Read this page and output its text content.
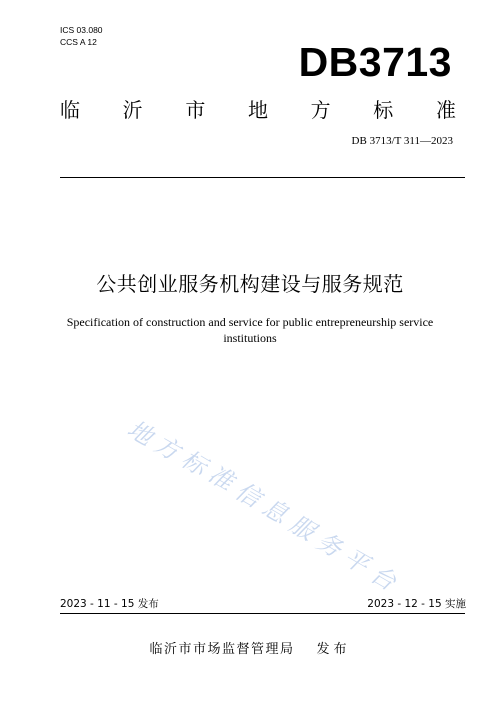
ICS 03.080
CCS A 12	DB3713
临 沂 市 地 方 标 准
DB 3713/T 311—2023
公共创业服务机构建设与服务规范
Specification of construction and service for public entrepreneurship service institutions
地
方
标
准
信
息
服
务
平
台
2023 - 11 - 15 发布	2023 - 12 - 15 实施
临沂市市场监督管理局 发布
